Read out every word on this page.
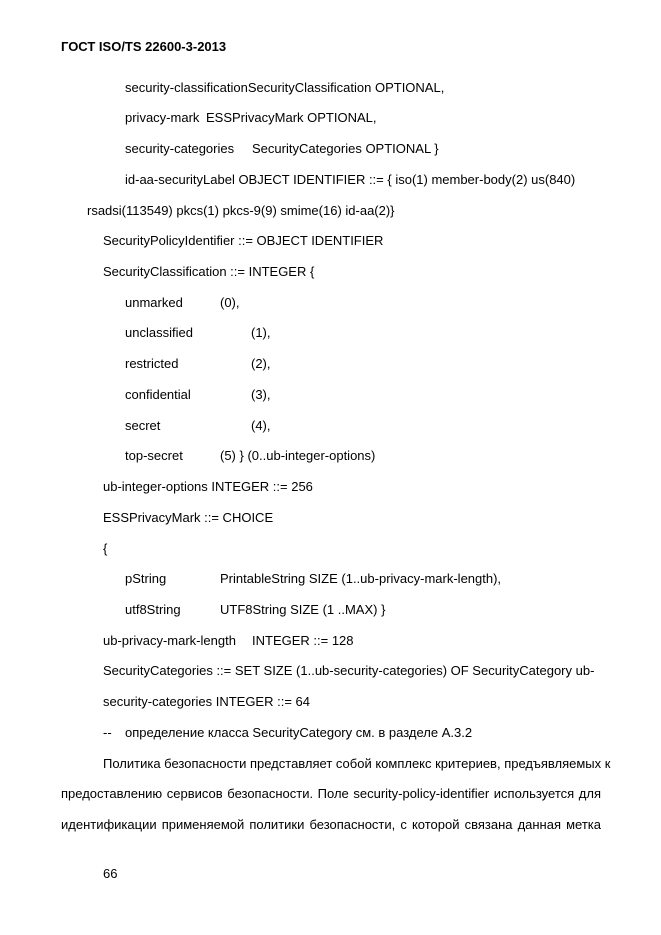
ГОСТ ISO/TS 22600-3-2013
security-classificationSecurityClassification OPTIONAL,
privacy-mark ESSPrivacyMark OPTIONAL,
security-categories SecurityCategories OPTIONAL }
id-aa-securityLabel OBJECT IDENTIFIER ::= { iso(1) member-body(2) us(840)
rsadsi(113549) pkcs(1) pkcs-9(9) smime(16) id-aa(2)}
SecurityPolicyIdentifier ::= OBJECT IDENTIFIER
SecurityClassification ::= INTEGER {
unmarked	(0),
unclassified	(1),
restricted	(2),
confidential	(3),
secret	(4),
top-secret	(5) } (0..ub-integer-options)
ub-integer-options INTEGER ::= 256
ESSPrivacyMark ::= CHOICE
{
pString	PrintableString SIZE (1..ub-privacy-mark-length),
utf8String	UTF8String SIZE (1 ..MAX) }
ub-privacy-mark-length INTEGER ::= 128
SecurityCategories ::= SET SIZE (1..ub-security-categories) OF SecurityCategory ub-
security-categories INTEGER ::= 64
-- определение класса SecurityCategory см. в разделе А.3.2
Политика безопасности представляет собой комплекс критериев, предъявляемых к
предоставлению сервисов безопасности. Поле security-policy-identifier используется для
идентификации применяемой политики безопасности, с которой связана данная метка
66
